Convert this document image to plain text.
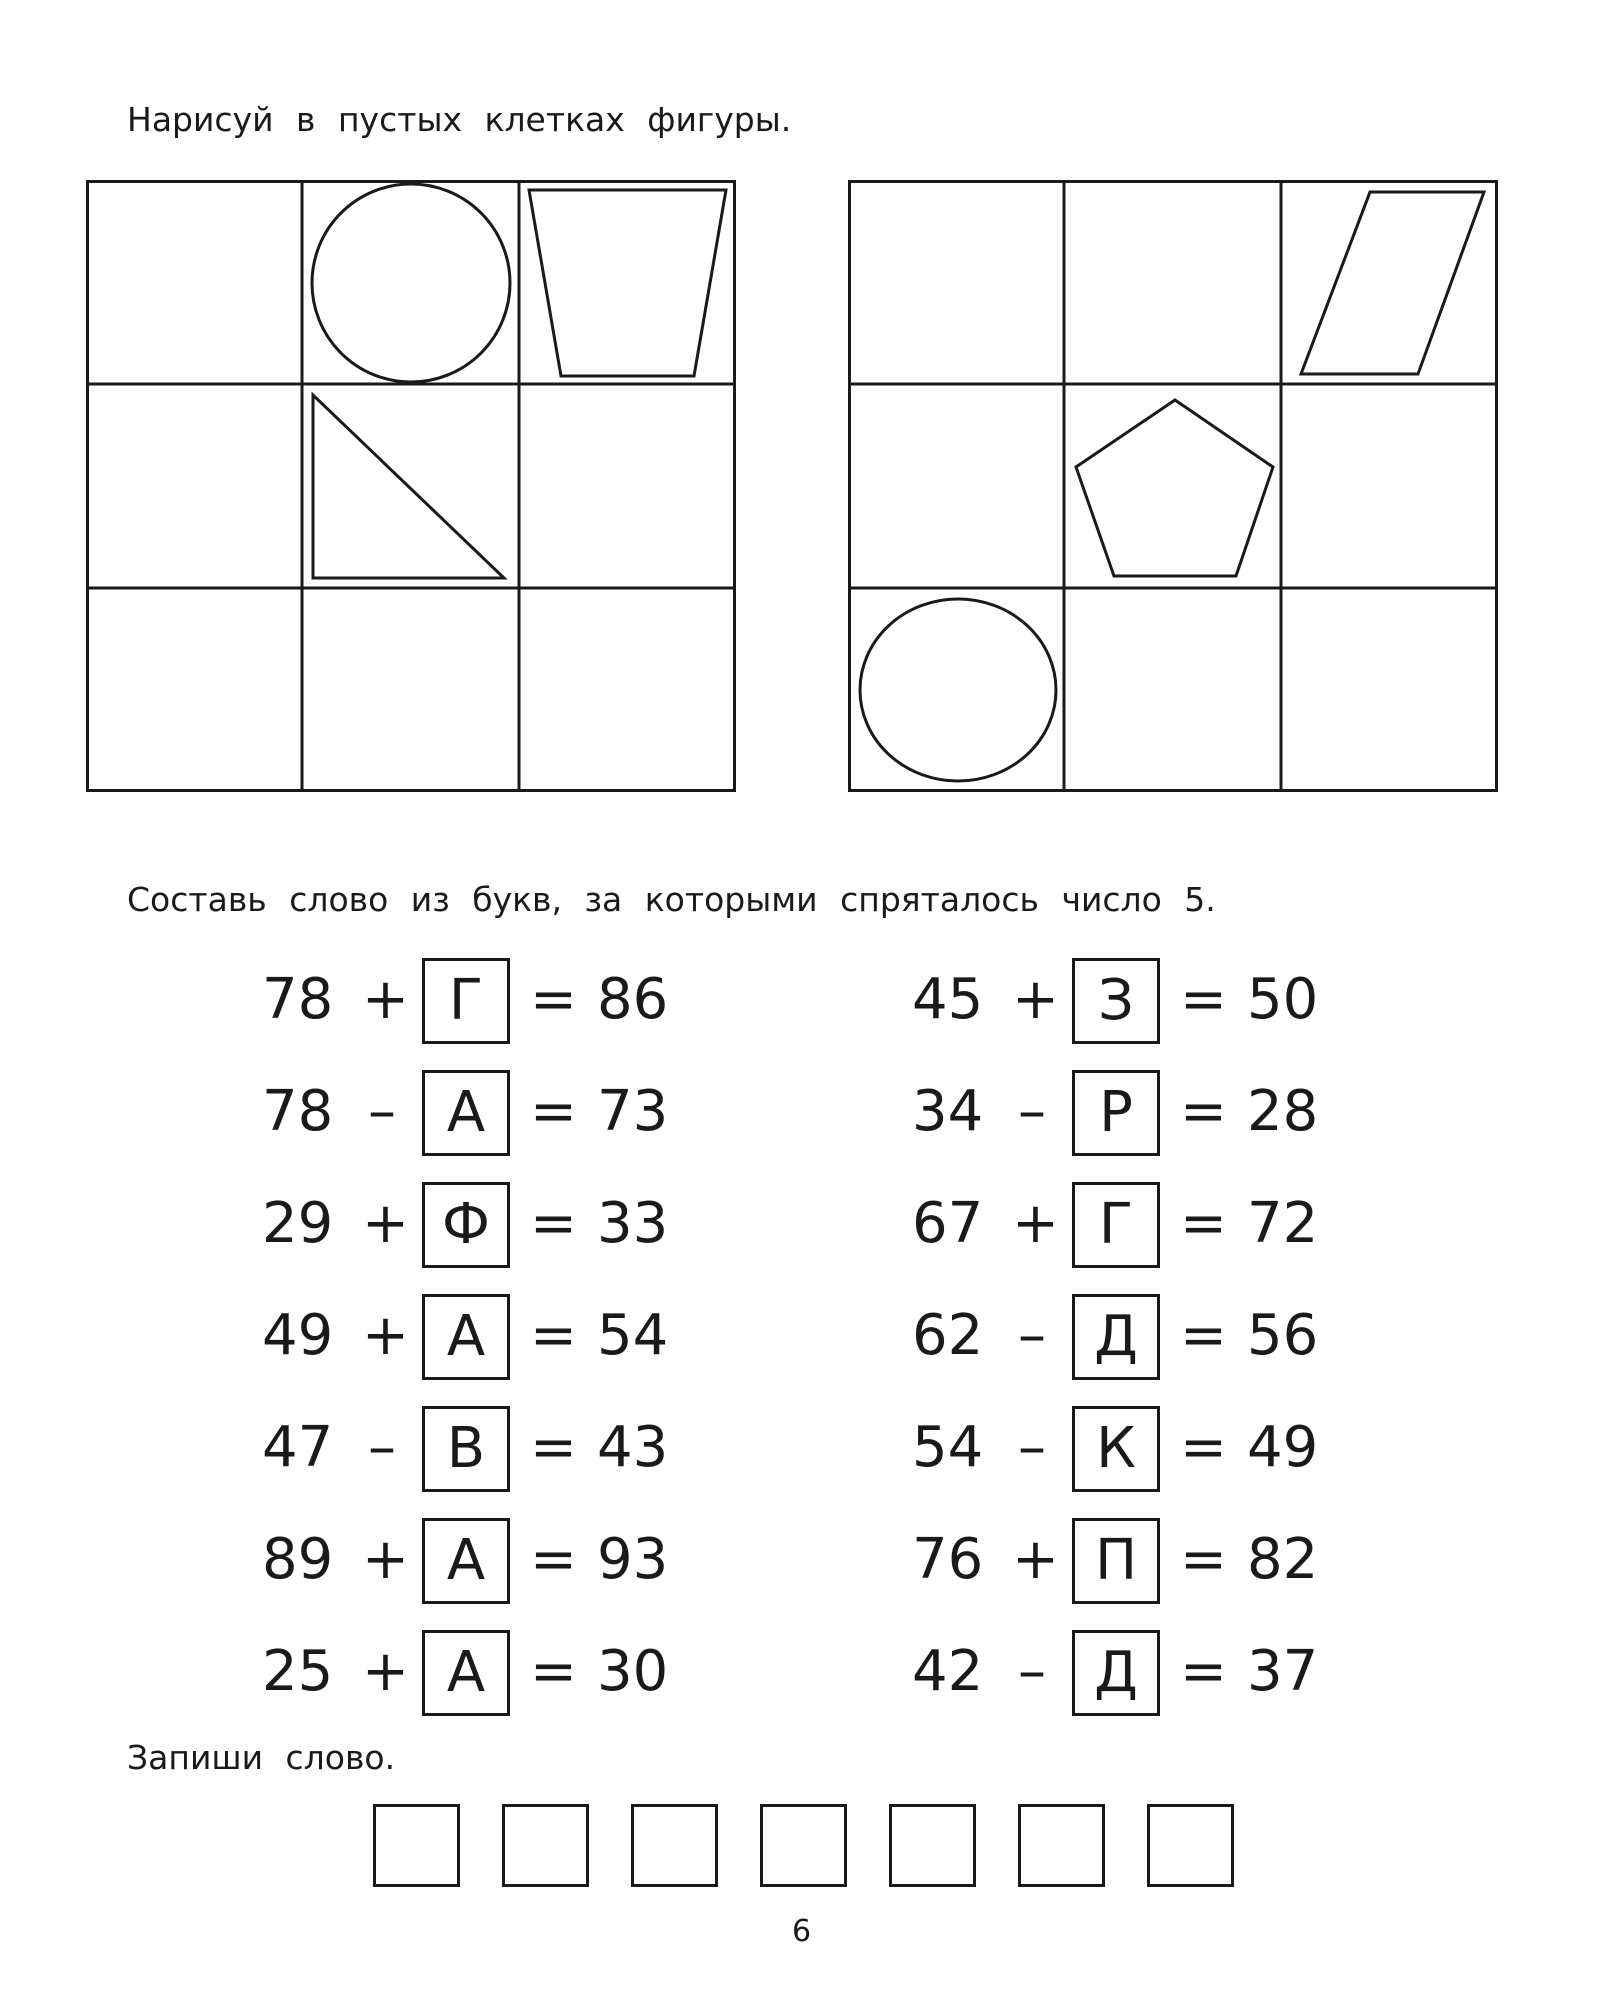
Нарисуй в пустых клетках фигуры.

Составь слово из букв, за которыми спряталось число 5.

78 + Г = 86
78 – А = 73
29 + Ф = 33
49 + А = 54
47 – В = 43
89 + А = 93
25 + А = 30
45 + З = 50
34 – Р = 28
67 + Г = 72
62 – Д = 56
54 – К = 49
76 + П = 82
42 – Д = 37

Запиши слово.

6
